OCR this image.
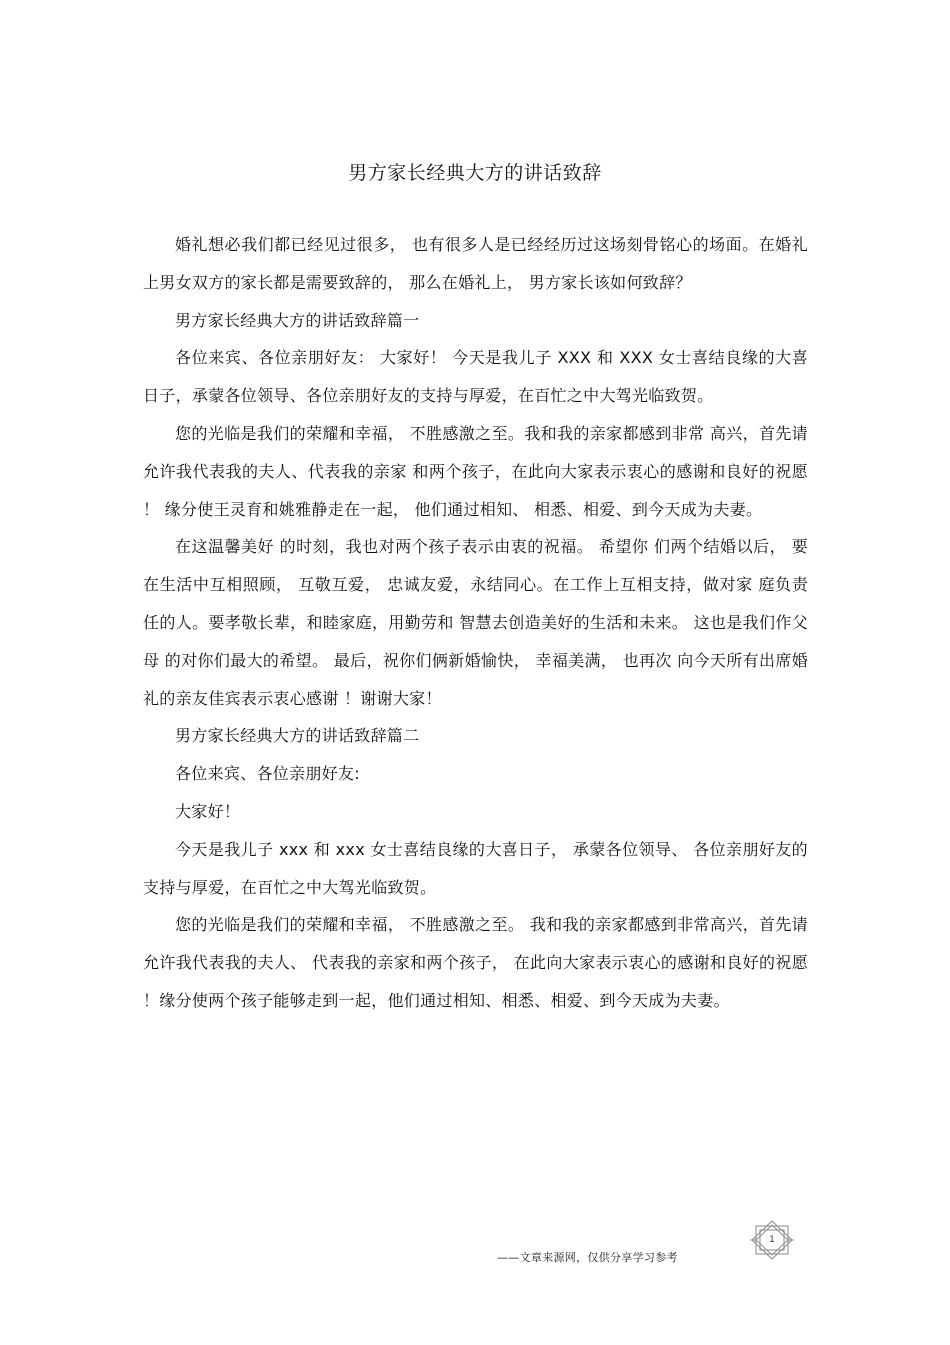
男方家长经典大方的讲话致辞

婚礼想必我们都已经见过很多， 也有很多人是已经经历过这场刻骨铭心的场面。在婚礼上男女双方的家长都是需要致辞的， 那么在婚礼上， 男方家长该如何致辞？

男方家长经典大方的讲话致辞篇一

各位来宾、各位亲朋好友： 大家好！ 今天是我儿子 XXX 和 XXX 女士喜结良缘的大喜 日子，承蒙各位领导、各位亲朋好友的支持与厚爱，在百忙之中大驾光临致贺。

您的光临是我们的荣耀和幸福， 不胜感激之至。我和我的亲家都感到非常 高兴，首先请允许我代表我的夫人、代表我的亲家 和两个孩子，在此向大家表示衷心的感谢和良好的祝愿 ！ 缘分使王灵育和姚雅静走在一起， 他们通过相知、 相悉、相爱、到今天成为夫妻。

在这温馨美好 的时刻，我也对两个孩子表示由衷的祝福。 希望你 们两个结婚以后， 要在生活中互相照顾， 互敬互爱， 忠诚友爱，永结同心。在工作上互相支持，做对家 庭负责任的人。要孝敬长辈，和睦家庭，用勤劳和 智慧去创造美好的生活和未来。 这也是我们作父母 的对你们最大的希望。 最后，祝你们俩新婚愉快， 幸福美满， 也再次 向今天所有出席婚礼的亲友佳宾表示衷心感谢 ！谢谢大家！

男方家长经典大方的讲话致辞篇二

各位来宾、各位亲朋好友:

大家好！

今天是我儿子 xxx 和 xxx 女士喜结良缘的大喜日子， 承蒙各位领导、 各位亲朋好友的支持与厚爱，在百忙之中大驾光临致贺。

您的光临是我们的荣耀和幸福， 不胜感激之至。 我和我的亲家都感到非常高兴，首先请允许我代表我的夫人、 代表我的亲家和两个孩子， 在此向大家表示衷心的感谢和良好的祝愿 ！缘分使两个孩子能够走到一起，他们通过相知、相悉、相爱、到今天成为夫妻。

——文章来源网，仅供分享学习参考
1
